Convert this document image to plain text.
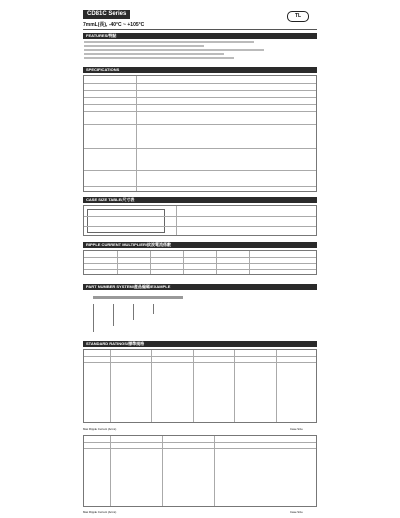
CD81C Series
7mmL(長), -40°C ~ +105°C
TL
FEATURES/特點
SPECIFICATIONS
CASE SIZE TABLE/尺寸表
RIPPLE CURRENT MULTIPLIER/紋波電流係數
PART NUMBER SYSTEM/產品編碼/EXAMPLE
STANDARD RATINGS/標準規格
Max Ripple Current (Arms)	Case Size
Max Ripple Current (Arms)	Case Size
